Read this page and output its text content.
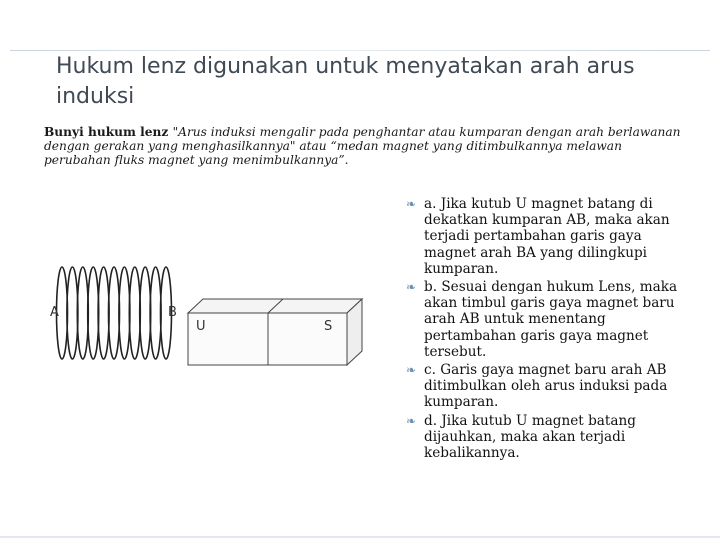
Hukum lenz digunakan untuk menyatakan arah arus induksi
Bunyi hukum lenz "Arus induksi mengalir pada penghantar atau kumparan dengan arah berlawanan dengan gerakan yang menghasilkannya" atau “medan magnet yang ditimbulkannya melawan perubahan fluks magnet yang menimbulkannya”.
A	B
U	S
❧ a. Jika kutub U magnet batang di dekatkan kumparan AB, maka akan terjadi pertambahan garis gaya magnet arah BA yang dilingkupi kumparan.
❧ b. Sesuai dengan hukum Lens, maka akan timbul garis gaya magnet baru arah AB untuk menentang pertambahan garis gaya magnet tersebut.
❧ c. Garis gaya magnet baru arah AB ditimbulkan oleh arus induksi pada kumparan.
❧ d. Jika kutub U magnet batang dijauhkan, maka akan terjadi kebalikannya.
